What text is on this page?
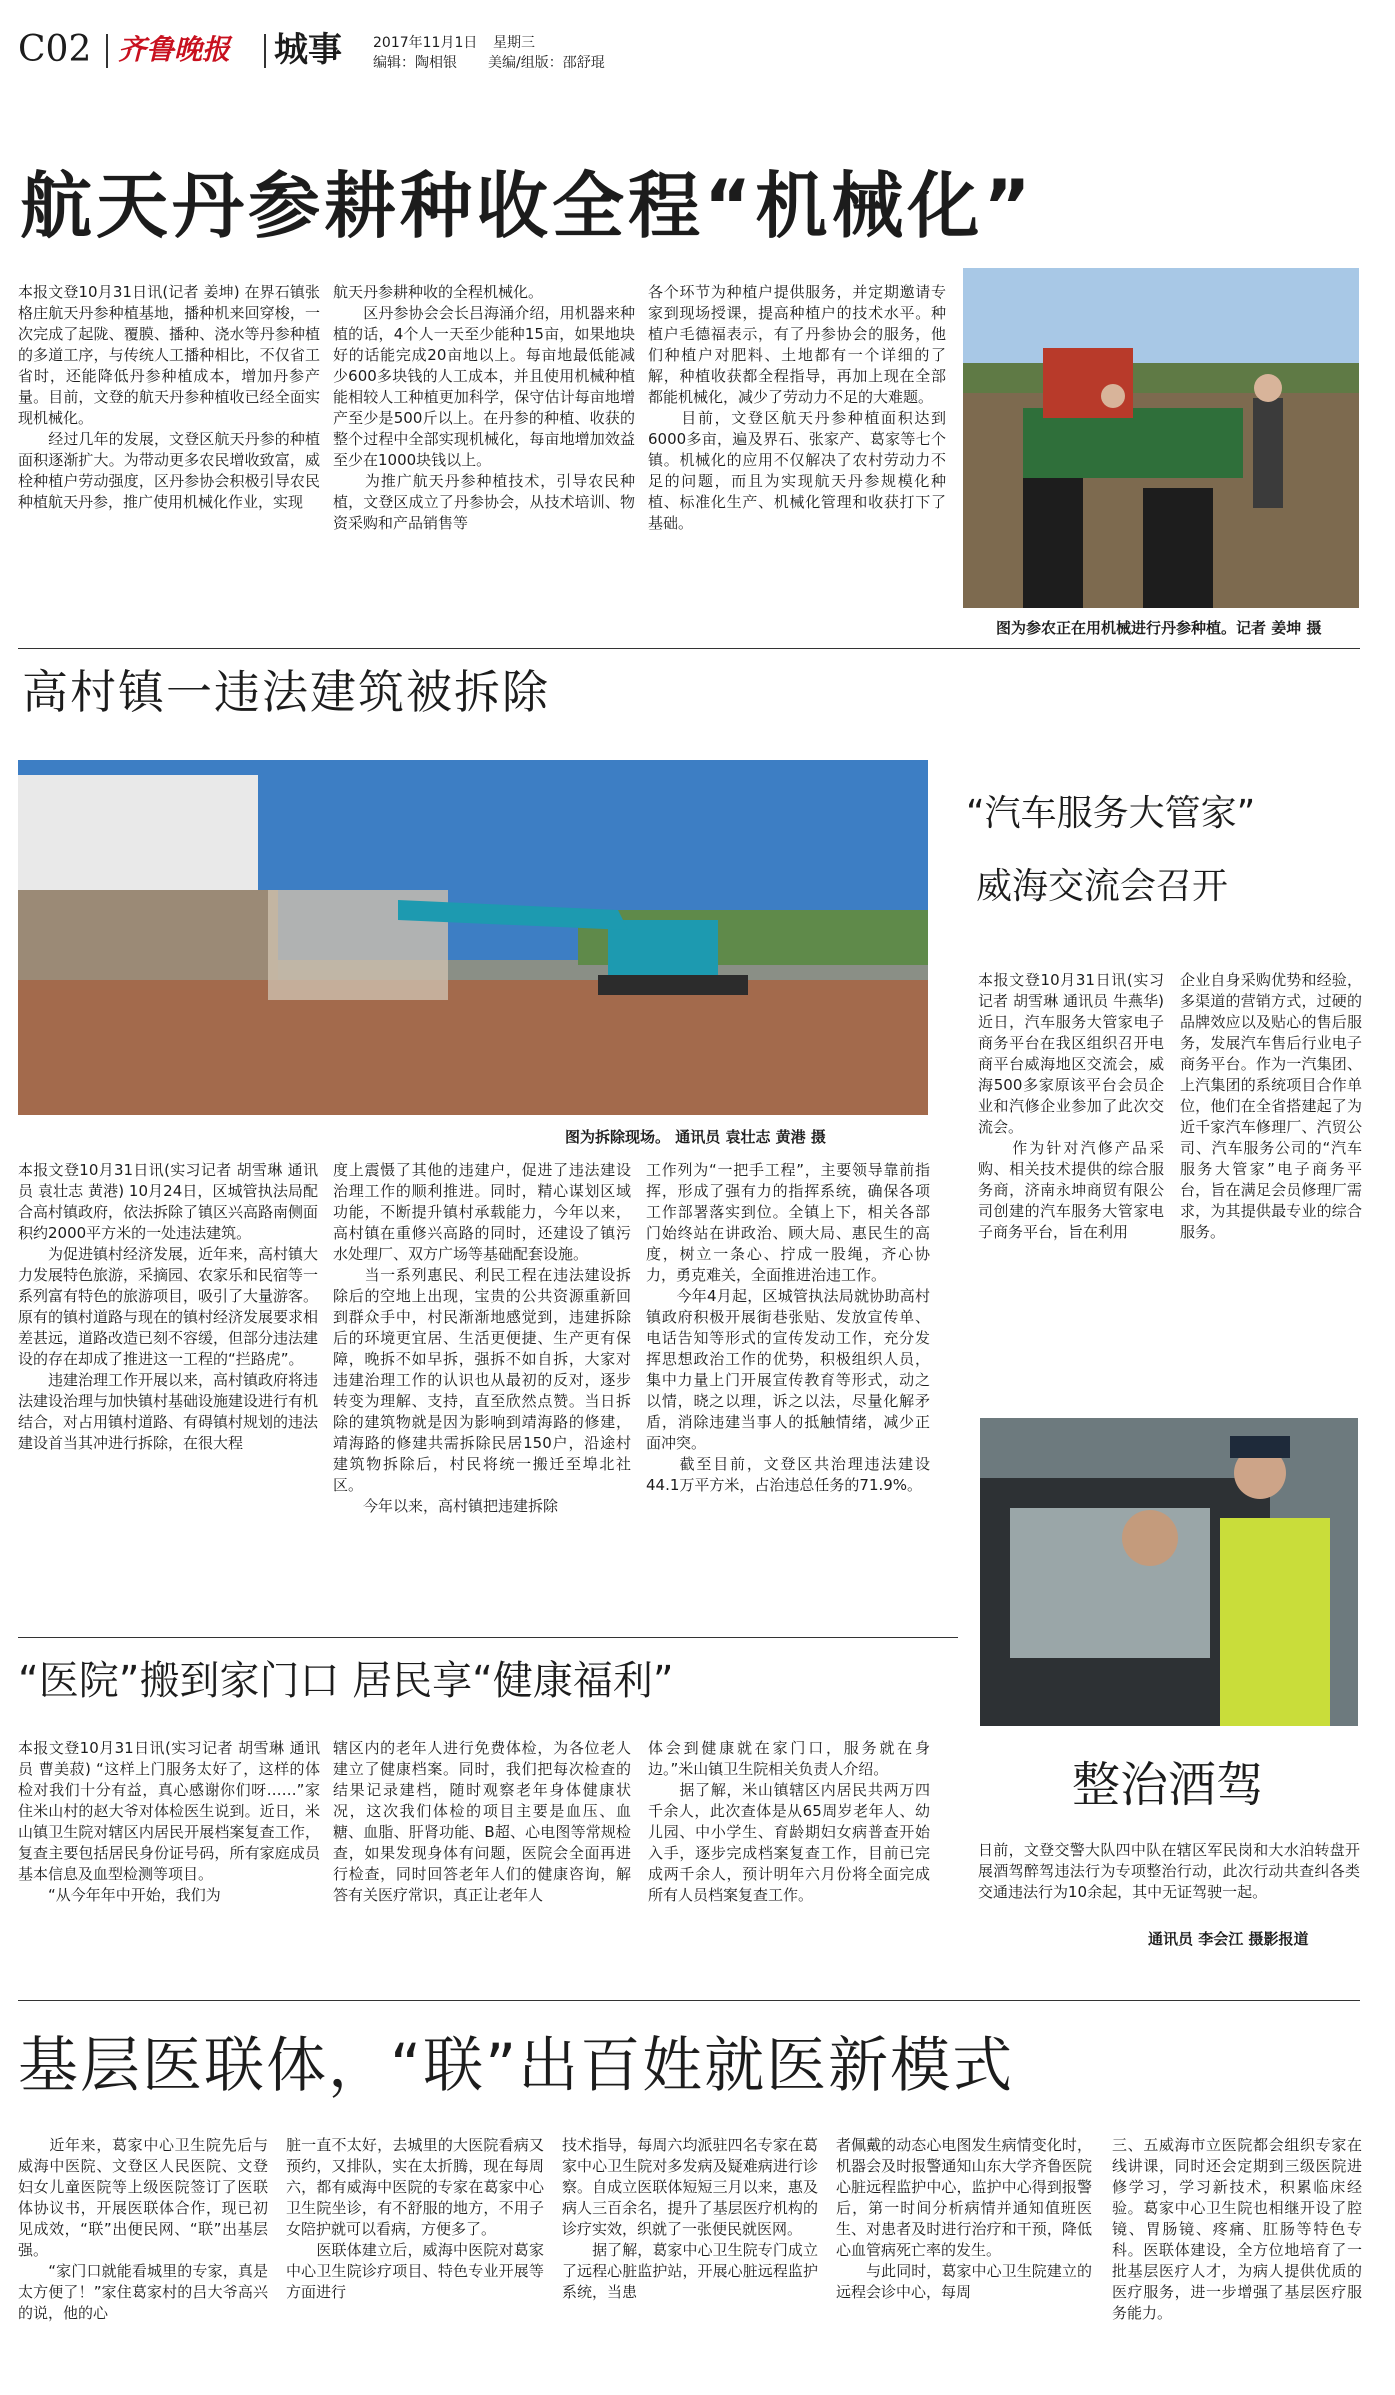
C02 齐鲁晚报 城事 2017年11月1日 星期三
编辑：陶相银 美编/组版：邵舒琨
航天丹参耕种收全程“机械化”

本报文登10月31日讯(记者 姜坤) 在界石镇张格庄航天丹参种植基地，播种机来回穿梭，一次完成了起陇、覆膜、播种、浇水等丹参种植的多道工序，与传统人工播种相比，不仅省工省时，还能降低丹参种植成本，增加丹参产量。目前，文登的航天丹参种植收已经全面实现机械化。
　　经过几年的发展，文登区航天丹参的种植面积逐渐扩大。为带动更多农民增收致富，威栓种植户劳动强度，区丹参协会积极引导农民种植航天丹参，推广使用机械化作业，实现

航天丹参耕种收的全程机械化。
　　区丹参协会会长吕海涌介绍，用机器来种植的话，4个人一天至少能种15亩，如果地块好的话能完成20亩地以上。每亩地最低能减少600多块钱的人工成本，并且使用机械种植能相较人工种植更加科学，保守估计每亩地增产至少是500斤以上。在丹参的种植、收获的整个过程中全部实现机械化，每亩地增加效益至少在1000块钱以上。
　　为推广航天丹参种植技术，引导农民种植，文登区成立了丹参协会，从技术培训、物资采购和产品销售等

各个环节为种植户提供服务，并定期邀请专家到现场授课，提高种植户的技术水平。种植户毛德福表示，有了丹参协会的服务，他们种植户对肥料、土地都有一个详细的了解，种植收获都全程指导，再加上现在全部都能机械化，减少了劳动力不足的大难题。
　　目前，文登区航天丹参种植面积达到6000多亩，遍及界石、张家产、葛家等七个镇。机械化的应用不仅解决了农村劳动力不足的问题，而且为实现航天丹参规模化种植、标准化生产、机械化管理和收获打下了基础。

图为参农正在用机械进行丹参种植。记者 姜坤 摄
高村镇一违法建筑被拆除
图为拆除现场。 通讯员 袁壮志 黄港 摄

本报文登10月31日讯(实习记者 胡雪琳 通讯员 袁壮志 黄港) 10月24日，区城管执法局配合高村镇政府，依法拆除了镇区兴高路南侧面积约2000平方米的一处违法建筑。
　　为促进镇村经济发展，近年来，高村镇大力发展特色旅游，采摘园、农家乐和民宿等一系列富有特色的旅游项目，吸引了大量游客。原有的镇村道路与现在的镇村经济发展要求相差甚远，道路改造已刻不容缓，但部分违法建设的存在却成了推进这一工程的“拦路虎”。
　　违建治理工作开展以来，高村镇政府将违法建设治理与加快镇村基础设施建设进行有机结合，对占用镇村道路、有碍镇村规划的违法建设首当其冲进行拆除，在很大程

度上震慑了其他的违建户，促进了违法建设治理工作的顺利推进。同时，精心谋划区域功能，不断提升镇村承载能力，今年以来，高村镇在重修兴高路的同时，还建设了镇污水处理厂、双方广场等基础配套设施。
　　当一系列惠民、利民工程在违法建设拆除后的空地上出现，宝贵的公共资源重新回到群众手中，村民渐渐地感觉到，违建拆除后的环境更宜居、生活更便捷、生产更有保障，晚拆不如早拆，强拆不如自拆，大家对违建治理工作的认识也从最初的反对，逐步转变为理解、支持，直至欣然点赞。当日拆除的建筑物就是因为影响到靖海路的修建，靖海路的修建共需拆除民居150户，沿途村建筑物拆除后，村民将统一搬迁至埠北社区。
　　今年以来，高村镇把违建拆除

工作列为“一把手工程”，主要领导靠前指挥，形成了强有力的指挥系统，确保各项工作部署落实到位。全镇上下，相关各部门始终站在讲政治、顾大局、惠民生的高度，树立一条心、拧成一股绳，齐心协力，勇克难关，全面推进治违工作。
　　今年4月起，区城管执法局就协助高村镇政府积极开展街巷张贴、发放宣传单、电话告知等形式的宣传发动工作，充分发挥思想政治工作的优势，积极组织人员，集中力量上门开展宣传教育等形式，动之以情，晓之以理，诉之以法，尽量化解矛盾，消除违建当事人的抵触情绪，减少正面冲突。
　　截至目前，文登区共治理违法建设44.1万平方米，占治违总任务的71.9%。

“汽车服务大管家”
威海交流会召开

本报文登10月31日讯(实习记者 胡雪琳 通讯员 牛燕华) 近日，汽车服务大管家电子商务平台在我区组织召开电商平台威海地区交流会，威海500多家原该平台会员企业和汽修企业参加了此次交流会。
　　作为针对汽修产品采购、相关技术提供的综合服务商，济南永坤商贸有限公司创建的汽车服务大管家电子商务平台，旨在利用

企业自身采购优势和经验，多渠道的营销方式，过硬的品牌效应以及贴心的售后服务，发展汽车售后行业电子商务平台。作为一汽集团、上汽集团的系统项目合作单位，他们在全省搭建起了为近千家汽车修理厂、汽贸公司、汽车服务公司的“汽车服务大管家”电子商务平台，旨在满足会员修理厂需求，为其提供最专业的综合服务。

整治酒驾

日前，文登交警大队四中队在辖区军民岗和大水泊转盘开展酒驾醉驾违法行为专项整治行动，此次行动共查纠各类交通违法行为10余起，其中无证驾驶一起。

通讯员 李会江 摄影报道
“医院”搬到家门口 居民享“健康福利”

本报文登10月31日讯(实习记者 胡雪琳 通讯员 曹美菽) “这样上门服务太好了，这样的体检对我们十分有益，真心感谢你们呀……”家住米山村的赵大爷对体检医生说到。近日，米山镇卫生院对辖区内居民开展档案复查工作，复查主要包括居民身份证号码，所有家庭成员基本信息及血型检测等项目。
　　“从今年年中开始，我们为

辖区内的老年人进行免费体检，为各位老人建立了健康档案。同时，我们把每次检查的结果记录建档，随时观察老年身体健康状况，这次我们体检的项目主要是血压、血糖、血脂、肝肾功能、B超、心电图等常规检查，如果发现身体有问题，医院会全面再进行检查，同时回答老年人们的健康咨询，解答有关医疗常识，真正让老年人

体会到健康就在家门口，服务就在身边。”米山镇卫生院相关负责人介绍。
　　据了解，米山镇辖区内居民共两万四千余人，此次查体是从65周岁老年人、幼儿园、中小学生、育龄期妇女病普查开始入手，逐步完成档案复查工作，目前已完成两千余人，预计明年六月份将全面完成所有人员档案复查工作。

基层医联体，“联”出百姓就医新模式

　　近年来，葛家中心卫生院先后与威海中医院、文登区人民医院、文登妇女儿童医院等上级医院签订了医联体协议书，开展医联体合作，现已初见成效，“联”出便民网、“联”出基层强。
　　“家门口就能看城里的专家，真是太方便了！”家住葛家村的吕大爷高兴的说，他的心

脏一直不太好，去城里的大医院看病又预约，又排队，实在太折腾，现在每周六，都有威海中医院的专家在葛家中心卫生院坐诊，有不舒服的地方，不用子女陪护就可以看病，方便多了。
　　医联体建立后，威海中医院对葛家中心卫生院诊疗项目、特色专业开展等方面进行

技术指导，每周六均派驻四名专家在葛家中心卫生院对多发病及疑难病进行诊察。自成立医联体短短三月以来，惠及病人三百余名，提升了基层医疗机构的诊疗实效，织就了一张便民就医网。
　　据了解，葛家中心卫生院专门成立了远程心脏监护站，开展心脏远程监护系统，当患

者佩戴的动态心电图发生病情变化时，机器会及时报警通知山东大学齐鲁医院心脏远程监护中心，监护中心得到报警后，第一时间分析病情并通知值班医生、对患者及时进行治疗和干预，降低心血管病死亡率的发生。
　　与此同时，葛家中心卫生院建立的远程会诊中心，每周

三、五威海市立医院都会组织专家在线讲课，同时还会定期到三级医院进修学习，学习新技术，积累临床经验。葛家中心卫生院也相继开设了腔镜、胃肠镜、疼痛、肛肠等特色专科。医联体建设，全方位地培育了一批基层医疗人才，为病人提供优质的医疗服务，进一步增强了基层医疗服务能力。
